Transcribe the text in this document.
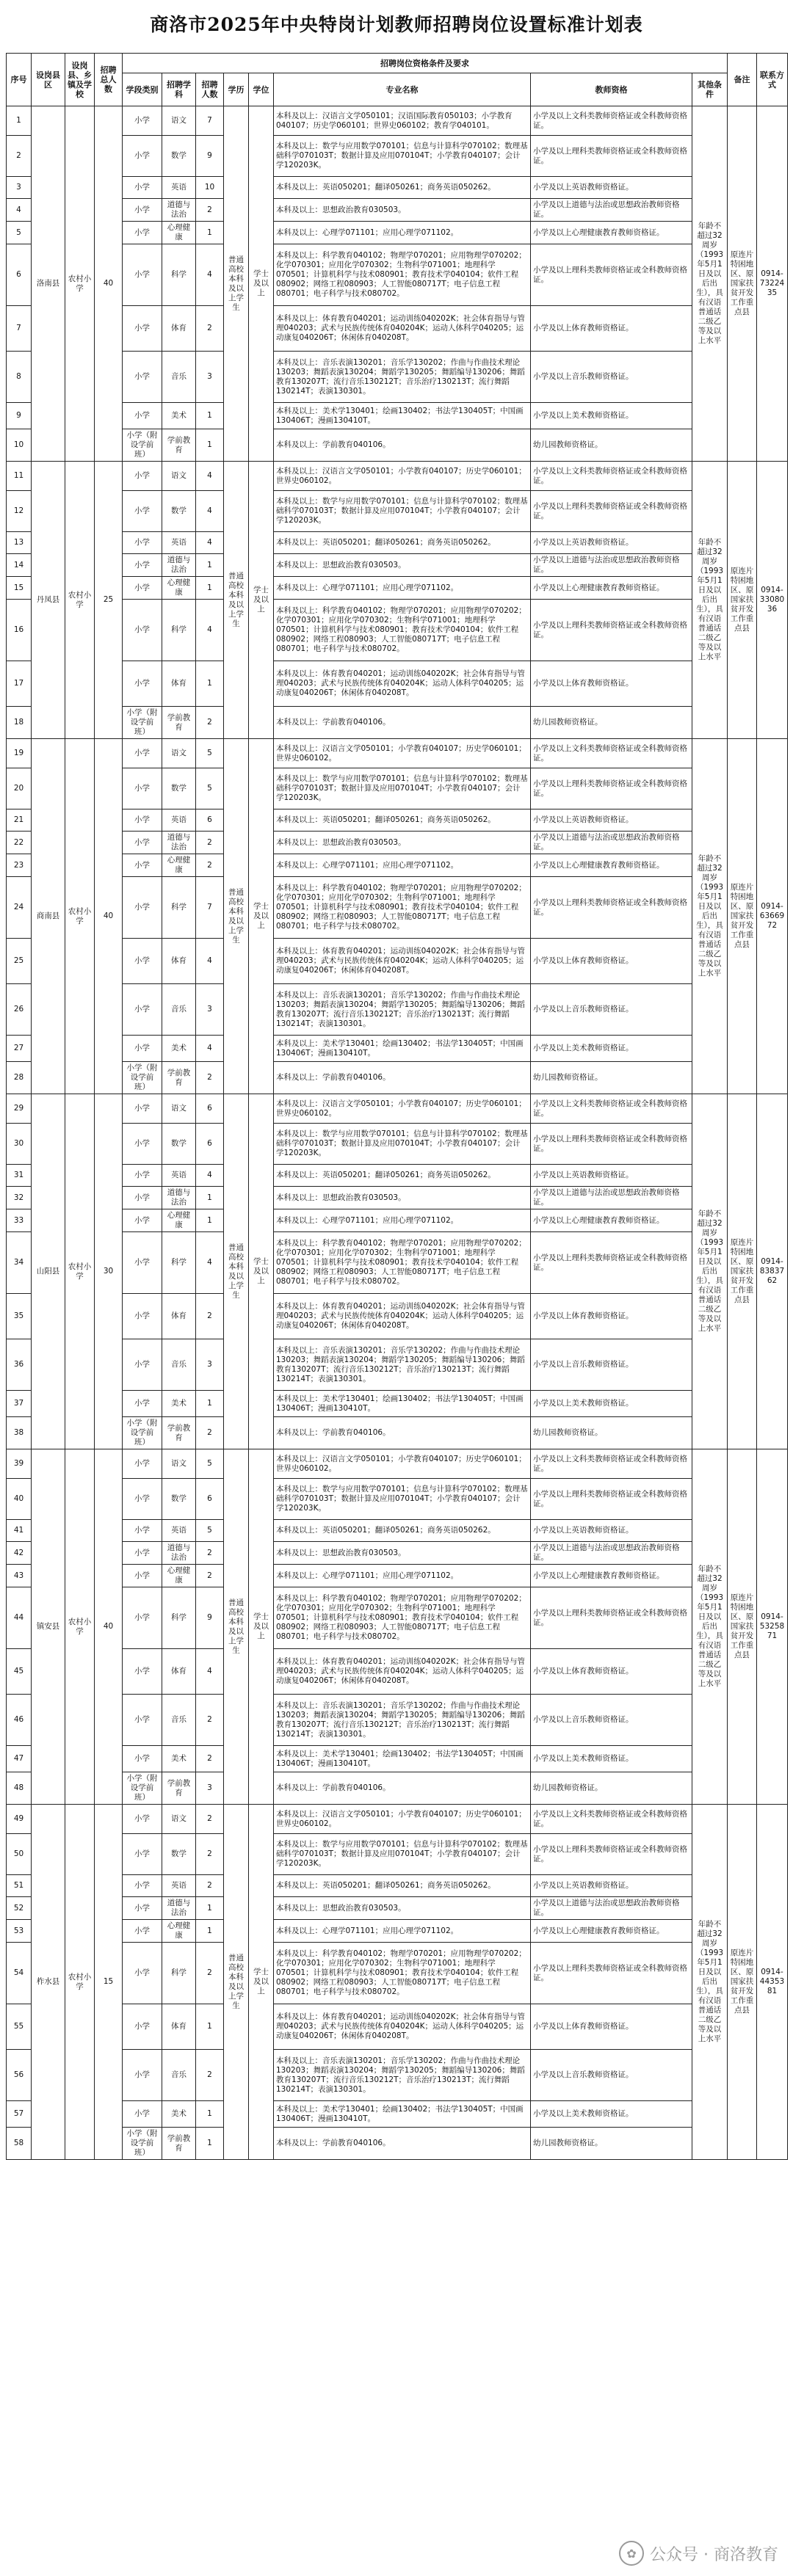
商洛市2025年中央特岗计划教师招聘岗位设置标准计划表
序号	设岗县区	设岗县、乡镇及学校	招聘总人数	招聘岗位资格条件及要求								备注	联系方式
				学段类别	招聘学科	招聘人数	学历	学位	专业名称	教师资格	其他条件		
1	洛南县	农村小学	40	小学	语文	7	普通高校本科及以上学生	学士及以上	本科及以上：汉语言文学050101；汉语国际教育050103；小学教育040107；历史学060101；世界史060102；教育学040101。	小学及以上文科类教师资格证或全科教师资格证。	年龄不超过32周岁（1993年5月1日及以后出生），具有汉语普通话二级乙等及以上水平	原连片特困地区、原国家扶贫开发工作重点县	0914-7322435
2				小学	数学	9			本科及以上：数学与应用数学070101；信息与计算科学070102；数理基础科学070103T；数据计算及应用070104T；小学教育040107；会计学120203K。	小学及以上理科类教师资格证或全科教师资格证。			
3				小学	英语	10			本科及以上：英语050201；翻译050261；商务英语050262。	小学及以上英语教师资格证。			
4				小学	道德与法治	2			本科及以上：思想政治教育030503。	小学及以上道德与法治或思想政治教师资格证。			
5				小学	心理健康	1			本科及以上：心理学071101；应用心理学071102。	小学及以上心理健康教育教师资格证。			
6				小学	科学	4			本科及以上：科学教育040102；物理学070201；应用物理学070202；化学070301；应用化学070302；生物科学071001；地理科学070501；计算机科学与技术080901；教育技术学040104；软件工程080902；网络工程080903；人工智能080717T；电子信息工程080701；电子科学与技术080702。	小学及以上理科类教师资格证或全科教师资格证。			
7				小学	体育	2			本科及以上：体育教育040201；运动训练040202K；社会体育指导与管理040203；武术与民族传统体育040204K；运动人体科学040205；运动康复040206T；休闲体育040208T。	小学及以上体育教师资格证。			
8				小学	音乐	3			本科及以上：音乐表演130201；音乐学130202；作曲与作曲技术理论130203；舞蹈表演130204；舞蹈学130205；舞蹈编导130206；舞蹈教育130207T；流行音乐130212T；音乐治疗130213T；流行舞蹈130214T；表演130301。	小学及以上音乐教师资格证。			
9				小学	美术	1			本科及以上：美术学130401；绘画130402；书法学130405T；中国画130406T；漫画130410T。	小学及以上美术教师资格证。			
10				小学（附设学前班）	学前教育	1			本科及以上：学前教育040106。	幼儿园教师资格证。			
11	丹凤县	农村小学	25	小学	语文	4	普通高校本科及以上学生	学士及以上	本科及以上：汉语言文学050101；小学教育040107；历史学060101；世界史060102。	小学及以上文科类教师资格证或全科教师资格证。	年龄不超过32周岁（1993年5月1日及以后出生），具有汉语普通话二级乙等及以上水平	原连片特困地区、原国家扶贫开发工作重点县	0914-3308036
12				小学	数学	4			本科及以上：数学与应用数学070101；信息与计算科学070102；数理基础科学070103T；数据计算及应用070104T；小学教育040107；会计学120203K。	小学及以上理科类教师资格证或全科教师资格证。			
13				小学	英语	4			本科及以上：英语050201；翻译050261；商务英语050262。	小学及以上英语教师资格证。			
14				小学	道德与法治	1			本科及以上：思想政治教育030503。	小学及以上道德与法治或思想政治教师资格证。			
15				小学	心理健康	1			本科及以上：心理学071101；应用心理学071102。	小学及以上心理健康教育教师资格证。			
16				小学	科学	4			本科及以上：科学教育040102；物理学070201；应用物理学070202；化学070301；应用化学070302；生物科学071001；地理科学070501；计算机科学与技术080901；教育技术学040104；软件工程080902；网络工程080903；人工智能080717T；电子信息工程080701；电子科学与技术080702。	小学及以上理科类教师资格证或全科教师资格证。			
17				小学	体育	1			本科及以上：体育教育040201；运动训练040202K；社会体育指导与管理040203；武术与民族传统体育040204K；运动人体科学040205；运动康复040206T；休闲体育040208T。	小学及以上体育教师资格证。			
18				小学（附设学前班）	学前教育	2			本科及以上：学前教育040106。	幼儿园教师资格证。			
19	商南县	农村小学	40	小学	语文	5	普通高校本科及以上学生	学士及以上	本科及以上：汉语言文学050101；小学教育040107；历史学060101；世界史060102。	小学及以上文科类教师资格证或全科教师资格证。	年龄不超过32周岁（1993年5月1日及以后出生），具有汉语普通话二级乙等及以上水平	原连片特困地区、原国家扶贫开发工作重点县	0914-6366972
20				小学	数学	5			本科及以上：数学与应用数学070101；信息与计算科学070102；数理基础科学070103T；数据计算及应用070104T；小学教育040107；会计学120203K。	小学及以上理科类教师资格证或全科教师资格证。			
21				小学	英语	6			本科及以上：英语050201；翻译050261；商务英语050262。	小学及以上英语教师资格证。			
22				小学	道德与法治	2			本科及以上：思想政治教育030503。	小学及以上道德与法治或思想政治教师资格证。			
23				小学	心理健康	2			本科及以上：心理学071101；应用心理学071102。	小学及以上心理健康教育教师资格证。			
24				小学	科学	7			本科及以上：科学教育040102；物理学070201；应用物理学070202；化学070301；应用化学070302；生物科学071001；地理科学070501；计算机科学与技术080901；教育技术学040104；软件工程080902；网络工程080903；人工智能080717T；电子信息工程080701；电子科学与技术080702。	小学及以上理科类教师资格证或全科教师资格证。			
25				小学	体育	4			本科及以上：体育教育040201；运动训练040202K；社会体育指导与管理040203；武术与民族传统体育040204K；运动人体科学040205；运动康复040206T；休闲体育040208T。	小学及以上体育教师资格证。			
26				小学	音乐	3			本科及以上：音乐表演130201；音乐学130202；作曲与作曲技术理论130203；舞蹈表演130204；舞蹈学130205；舞蹈编导130206；舞蹈教育130207T；流行音乐130212T；音乐治疗130213T；流行舞蹈130214T；表演130301。	小学及以上音乐教师资格证。			
27				小学	美术	4			本科及以上：美术学130401；绘画130402；书法学130405T；中国画130406T；漫画130410T。	小学及以上美术教师资格证。			
28				小学（附设学前班）	学前教育	2			本科及以上：学前教育040106。	幼儿园教师资格证。			
29	山阳县	农村小学	30	小学	语文	6	普通高校本科及以上学生	学士及以上	本科及以上：汉语言文学050101；小学教育040107；历史学060101；世界史060102。	小学及以上文科类教师资格证或全科教师资格证。	年龄不超过32周岁（1993年5月1日及以后出生），具有汉语普通话二级乙等及以上水平	原连片特困地区、原国家扶贫开发工作重点县	0914-8383762
30				小学	数学	6			本科及以上：数学与应用数学070101；信息与计算科学070102；数理基础科学070103T；数据计算及应用070104T；小学教育040107；会计学120203K。	小学及以上理科类教师资格证或全科教师资格证。			
31				小学	英语	4			本科及以上：英语050201；翻译050261；商务英语050262。	小学及以上英语教师资格证。			
32				小学	道德与法治	1			本科及以上：思想政治教育030503。	小学及以上道德与法治或思想政治教师资格证。			
33				小学	心理健康	1			本科及以上：心理学071101；应用心理学071102。	小学及以上心理健康教育教师资格证。			
34				小学	科学	4			本科及以上：科学教育040102；物理学070201；应用物理学070202；化学070301；应用化学070302；生物科学071001；地理科学070501；计算机科学与技术080901；教育技术学040104；软件工程080902；网络工程080903；人工智能080717T；电子信息工程080701；电子科学与技术080702。	小学及以上理科类教师资格证或全科教师资格证。			
35				小学	体育	2			本科及以上：体育教育040201；运动训练040202K；社会体育指导与管理040203；武术与民族传统体育040204K；运动人体科学040205；运动康复040206T；休闲体育040208T。	小学及以上体育教师资格证。			
36				小学	音乐	3			本科及以上：音乐表演130201；音乐学130202；作曲与作曲技术理论130203；舞蹈表演130204；舞蹈学130205；舞蹈编导130206；舞蹈教育130207T；流行音乐130212T；音乐治疗130213T；流行舞蹈130214T；表演130301。	小学及以上音乐教师资格证。			
37				小学	美术	1			本科及以上：美术学130401；绘画130402；书法学130405T；中国画130406T；漫画130410T。	小学及以上美术教师资格证。			
38				小学（附设学前班）	学前教育	2			本科及以上：学前教育040106。	幼儿园教师资格证。			
39	镇安县	农村小学	40	小学	语文	5	普通高校本科及以上学生	学士及以上	本科及以上：汉语言文学050101；小学教育040107；历史学060101；世界史060102。	小学及以上文科类教师资格证或全科教师资格证。	年龄不超过32周岁（1993年5月1日及以后出生），具有汉语普通话二级乙等及以上水平	原连片特困地区、原国家扶贫开发工作重点县	0914-5325871
40				小学	数学	6			本科及以上：数学与应用数学070101；信息与计算科学070102；数理基础科学070103T；数据计算及应用070104T；小学教育040107；会计学120203K。	小学及以上理科类教师资格证或全科教师资格证。			
41				小学	英语	5			本科及以上：英语050201；翻译050261；商务英语050262。	小学及以上英语教师资格证。			
42				小学	道德与法治	2			本科及以上：思想政治教育030503。	小学及以上道德与法治或思想政治教师资格证。			
43				小学	心理健康	2			本科及以上：心理学071101；应用心理学071102。	小学及以上心理健康教育教师资格证。			
44				小学	科学	9			本科及以上：科学教育040102；物理学070201；应用物理学070202；化学070301；应用化学070302；生物科学071001；地理科学070501；计算机科学与技术080901；教育技术学040104；软件工程080902；网络工程080903；人工智能080717T；电子信息工程080701；电子科学与技术080702。	小学及以上理科类教师资格证或全科教师资格证。			
45				小学	体育	4			本科及以上：体育教育040201；运动训练040202K；社会体育指导与管理040203；武术与民族传统体育040204K；运动人体科学040205；运动康复040206T；休闲体育040208T。	小学及以上体育教师资格证。			
46				小学	音乐	2			本科及以上：音乐表演130201；音乐学130202；作曲与作曲技术理论130203；舞蹈表演130204；舞蹈学130205；舞蹈编导130206；舞蹈教育130207T；流行音乐130212T；音乐治疗130213T；流行舞蹈130214T；表演130301。	小学及以上音乐教师资格证。			
47				小学	美术	2			本科及以上：美术学130401；绘画130402；书法学130405T；中国画130406T；漫画130410T。	小学及以上美术教师资格证。			
48				小学（附设学前班）	学前教育	3			本科及以上：学前教育040106。	幼儿园教师资格证。			
49	柞水县	农村小学	15	小学	语文	2	普通高校本科及以上学生	学士及以上	本科及以上：汉语言文学050101；小学教育040107；历史学060101；世界史060102。	小学及以上文科类教师资格证或全科教师资格证。	年龄不超过32周岁（1993年5月1日及以后出生），具有汉语普通话二级乙等及以上水平	原连片特困地区、原国家扶贫开发工作重点县	0914-4435381
50				小学	数学	2			本科及以上：数学与应用数学070101；信息与计算科学070102；数理基础科学070103T；数据计算及应用070104T；小学教育040107；会计学120203K。	小学及以上理科类教师资格证或全科教师资格证。			
51				小学	英语	2			本科及以上：英语050201；翻译050261；商务英语050262。	小学及以上英语教师资格证。			
52				小学	道德与法治	1			本科及以上：思想政治教育030503。	小学及以上道德与法治或思想政治教师资格证。			
53				小学	心理健康	1			本科及以上：心理学071101；应用心理学071102。	小学及以上心理健康教育教师资格证。			
54				小学	科学	2			本科及以上：科学教育040102；物理学070201；应用物理学070202；化学070301；应用化学070302；生物科学071001；地理科学070501；计算机科学与技术080901；教育技术学040104；软件工程080902；网络工程080903；人工智能080717T；电子信息工程080701；电子科学与技术080702。	小学及以上理科类教师资格证或全科教师资格证。			
55				小学	体育	1			本科及以上：体育教育040201；运动训练040202K；社会体育指导与管理040203；武术与民族传统体育040204K；运动人体科学040205；运动康复040206T；休闲体育040208T。	小学及以上体育教师资格证。			
56				小学	音乐	2			本科及以上：音乐表演130201；音乐学130202；作曲与作曲技术理论130203；舞蹈表演130204；舞蹈学130205；舞蹈编导130206；舞蹈教育130207T；流行音乐130212T；音乐治疗130213T；流行舞蹈130214T；表演130301。	小学及以上音乐教师资格证。			
57				小学	美术	1			本科及以上：美术学130401；绘画130402；书法学130405T；中国画130406T；漫画130410T。	小学及以上美术教师资格证。			
58				小学（附设学前班）	学前教育	1			本科及以上：学前教育040106。	幼儿园教师资格证。			
✿ 公众号 · 商洛教育
